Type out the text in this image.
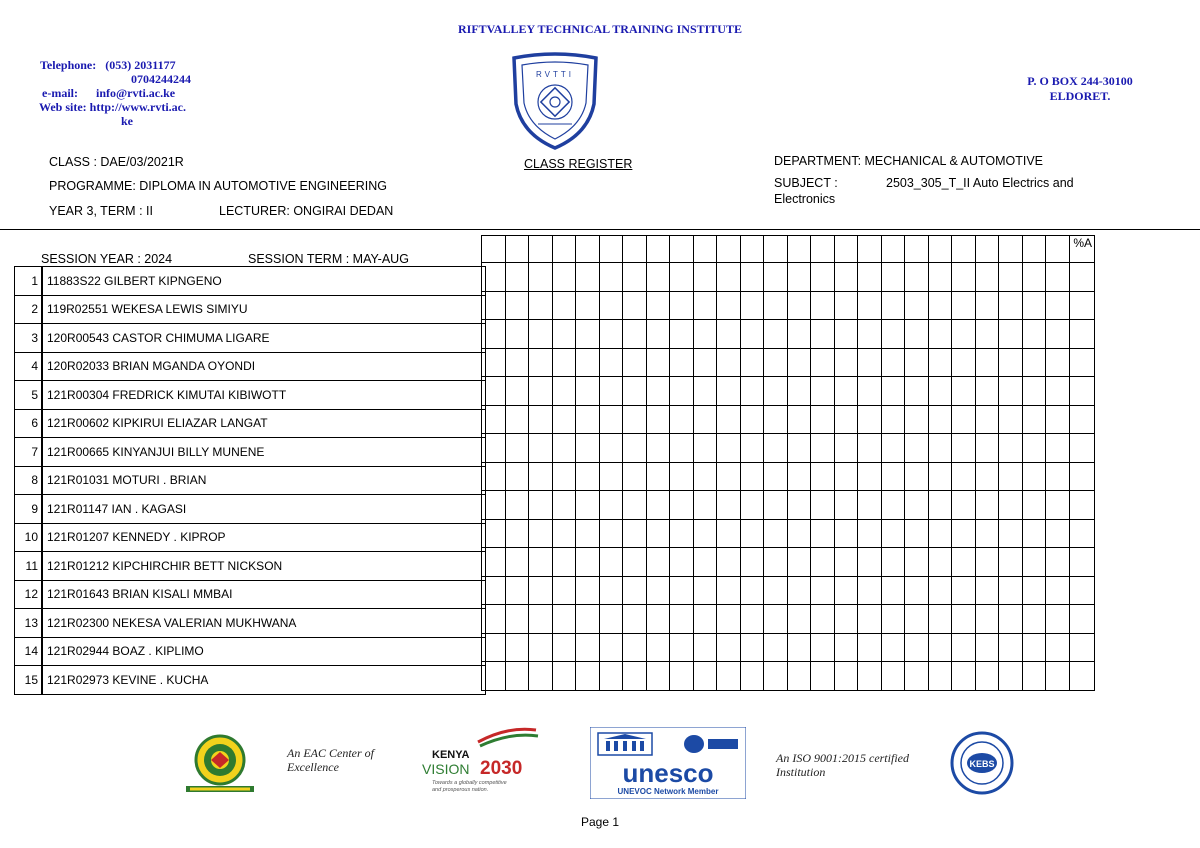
RIFTVALLEY TECHNICAL TRAINING INSTITUTE
Telephone: (053) 2031177
0704244244
e-mail: info@rvti.ac.ke
Web site: http://www.rvti.ac.
ke
RVTTI	P. O BOX 244-30100
ELDORET.
CLASS : DAE/03/2021R
PROGRAMME: DIPLOMA IN AUTOMOTIVE ENGINEERING
YEAR 3, TERM : II	LECTURER: ONGIRAI DEDAN
CLASS REGISTER	DEPARTMENT: MECHANICAL & AUTOMOTIVE
SUBJECT :	2503_305_T_II Auto Electrics and
Electronics
SESSION YEAR : 2024	SESSION TERM : MAY-AUG
1	11883S22 GILBERT KIPNGENO
2	119R02551 WEKESA LEWIS SIMIYU
3	120R00543 CASTOR CHIMUMA LIGARE
4	120R02033 BRIAN MGANDA OYONDI
5	121R00304 FREDRICK KIMUTAI KIBIWOTT
6	121R00602 KIPKIRUI ELIAZAR LANGAT
7	121R00665 KINYANJUI BILLY MUNENE
8	121R01031 MOTURI . BRIAN
9	121R01147 IAN . KAGASI
10	121R01207 KENNEDY . KIPROP
11	121R01212 KIPCHIRCHIR BETT NICKSON
12	121R01643 BRIAN KISALI MMBAI
13	121R02300 NEKESA VALERIAN MUKHWANA
14	121R02944 BOAZ . KIPLIMO
15	121R02973 KEVINE . KUCHA
																									%A

An EAC Center of
Excellence
KENYA
VISION 2030
Towards a globally competitive
and prosperous nation.
unesco
UNEVOC Network Member
An ISO 9001:2015 certified
Institution
KEBS
Page 1
